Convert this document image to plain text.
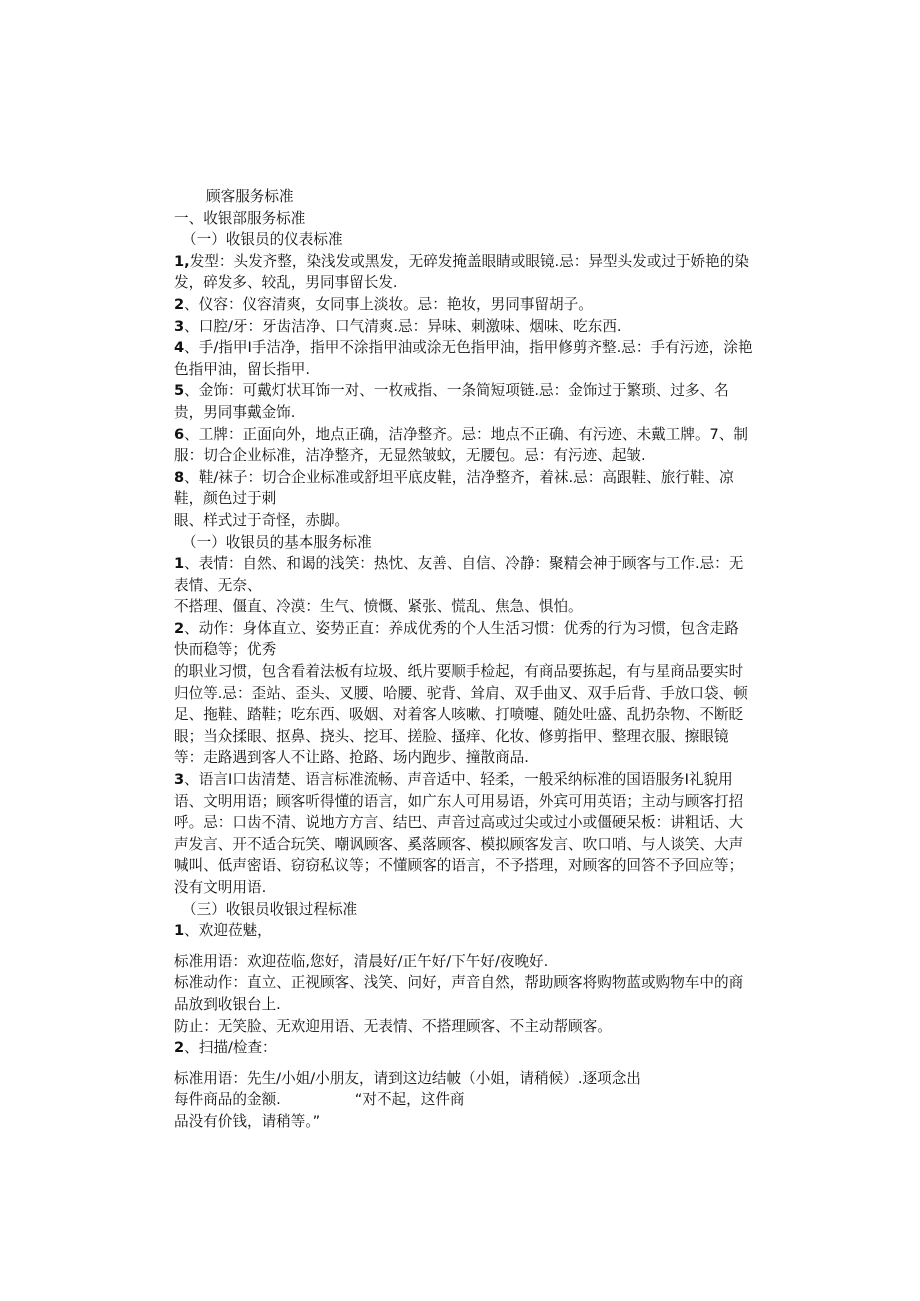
顾客服务标准
一、收银部服务标准
（一）收银员的仪表标准
1,发型：头发齐整，染浅发或黑发，无碎发掩盖眼睛或眼镜.忌：异型头发或过于娇艳的染
发，碎发多、较乱，男同事留长发.
2、仪容：仪容清爽，女同事上淡妆。忌：艳妆，男同事留胡子。
3、口腔/牙：牙齿洁净、口气清爽.忌：异味、刺激味、烟味、吃东西.
4、手/指甲I手洁净，指甲不涂指甲油或涂无色指甲油，指甲修剪齐整.忌：手有污迹，涂艳
色指甲油，留长指甲.
5、金饰：可戴灯状耳饰一对、一枚戒指、一条简短项链.忌：金饰过于繁琐、过多、名
贵，男同事戴金饰.
6、工牌：正面向外，地点正确，洁净整齐。忌：地点不正确、有污迹、未戴工牌。7、制
服：切合企业标准，洁净整齐，无显然皱蚊，无腰包。忌：有污迹、起皱.
8、鞋/袜子：切合企业标准或舒坦平底皮鞋，洁净整齐，着袜.忌：高跟鞋、旅行鞋、凉
鞋，颜色过于刺
眼、样式过于奇怪，赤脚。
（一）收银员的基本服务标准
1、表情：自然、和谒的浅笑：热忱、友善、自信、冷静：聚精会神于顾客与工作.忌：无
表情、无奈、
不搭理、僵直、冷漠：生气、愤慨、紧张、慌乱、焦急、惧怕。
2、动作：身体直立、姿势正直：养成优秀的个人生活习惯：优秀的行为习惯，包含走路
快而稳等；优秀
的职业习惯，包含看着法板有垃圾、纸片要顺手检起，有商品要拣起，有与星商品要实时
归位等.忌：歪站、歪头、叉腰、哈腰、驼背、耸肩、双手曲叉、双手后背、手放口袋、顿
足、拖鞋、踏鞋；吃东西、吸姻、对着客人咳嗽、打喷嚏、随处吐盛、乱扔杂物、不断眨
眼；当众揉眼、抠鼻、挠头、挖耳、搓脸、搔痒、化妆、修剪指甲、整理衣服、擦眼镜
等：走路遇到客人不让路、抢路、场内跑步、撞散商品.
3、语言I口齿清楚、语言标准流畅、声音适中、轻柔，一般采纳标准的国语服务I礼貌用
语、文明用语；顾客听得懂的语言，如广东人可用易语，外宾可用英语；主动与顾客打招
呼。忌：口齿不清、说地方方言、结巴、声音过高或过尖或过小或僵硬呆板：讲粗话、大
声发言、开不适合玩笑、嘲讽顾客、奚落顾客、模拟顾客发言、吹口哨、与人谈笑、大声
喊叫、低声密语、窃窃私议等；不懂顾客的语言，不予搭理，对顾客的回答不予回应等；
没有文明用语.
（三）收银员收银过程标准
1、欢迎莅魅，
标准用语：欢迎莅临,您好，清晨好/正午好/下午好/夜晚好.
标准动作：直立、正视顾客、浅笑、问好，声音自然，帮助顾客将购物蓝或购物车中的商
品放到收银台上.
防止：无笑脸、无欢迎用语、无表情、不搭理顾客、不主动帮顾客。
2、扫描/检查：
标准用语：先生/小姐/小朋友，请到这边结帔（小姐，请稍候）.逐项念出
每件商品的金额.	“对不起，这件商
品没有价钱，请稍等。”
